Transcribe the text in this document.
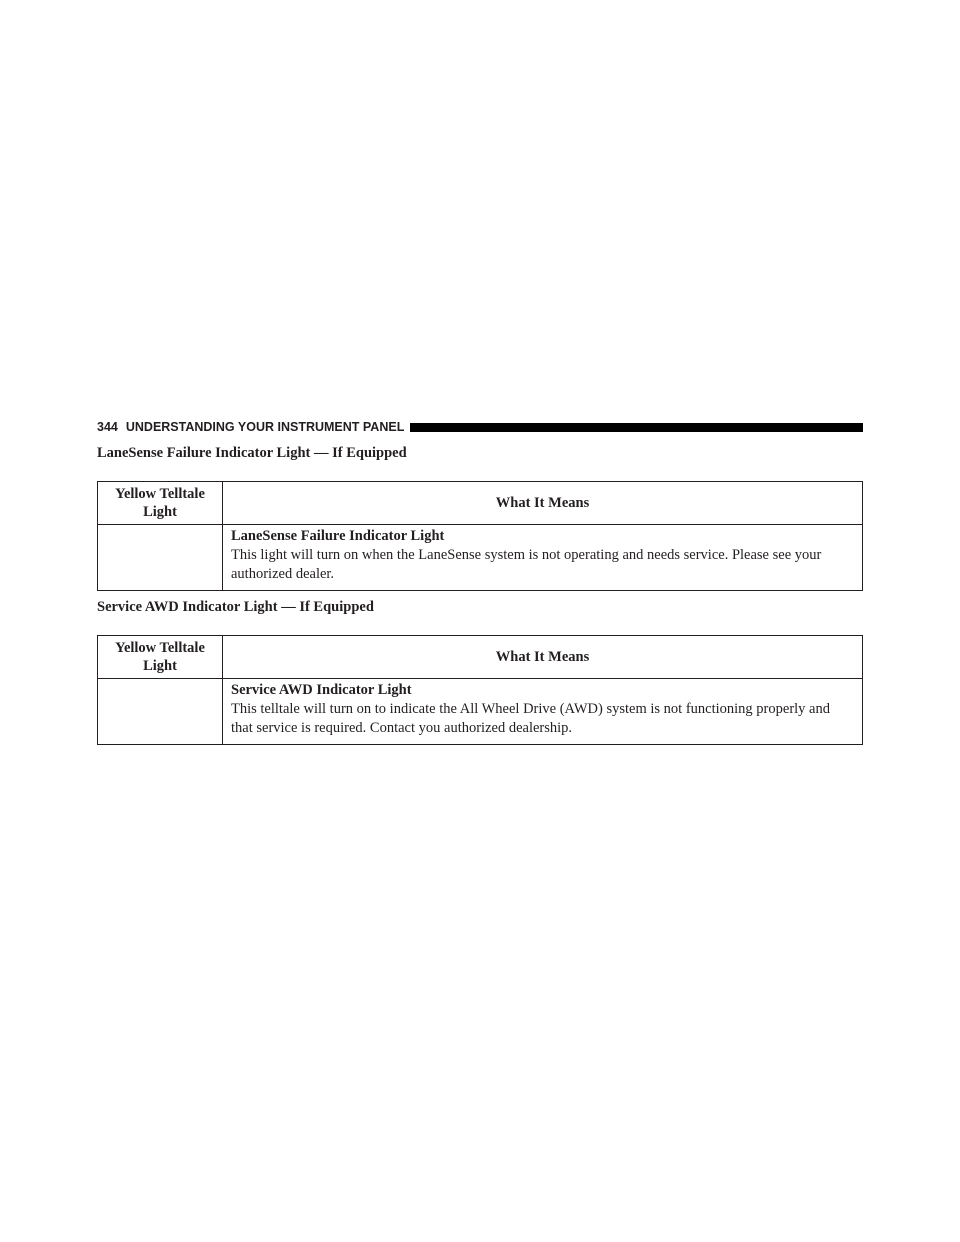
344 UNDERSTANDING YOUR INSTRUMENT PANEL
LaneSense Failure Indicator Light — If Equipped
Yellow Telltale Light	What It Means

	LaneSense Failure Indicator Light
This light will turn on when the LaneSense system is not operating and needs service. Please see your authorized dealer.
Service AWD Indicator Light — If Equipped
Yellow Telltale Light	What It Means

	Service AWD Indicator Light
This telltale will turn on to indicate the All Wheel Drive (AWD) system is not functioning properly and that service is required. Contact you authorized dealership.
